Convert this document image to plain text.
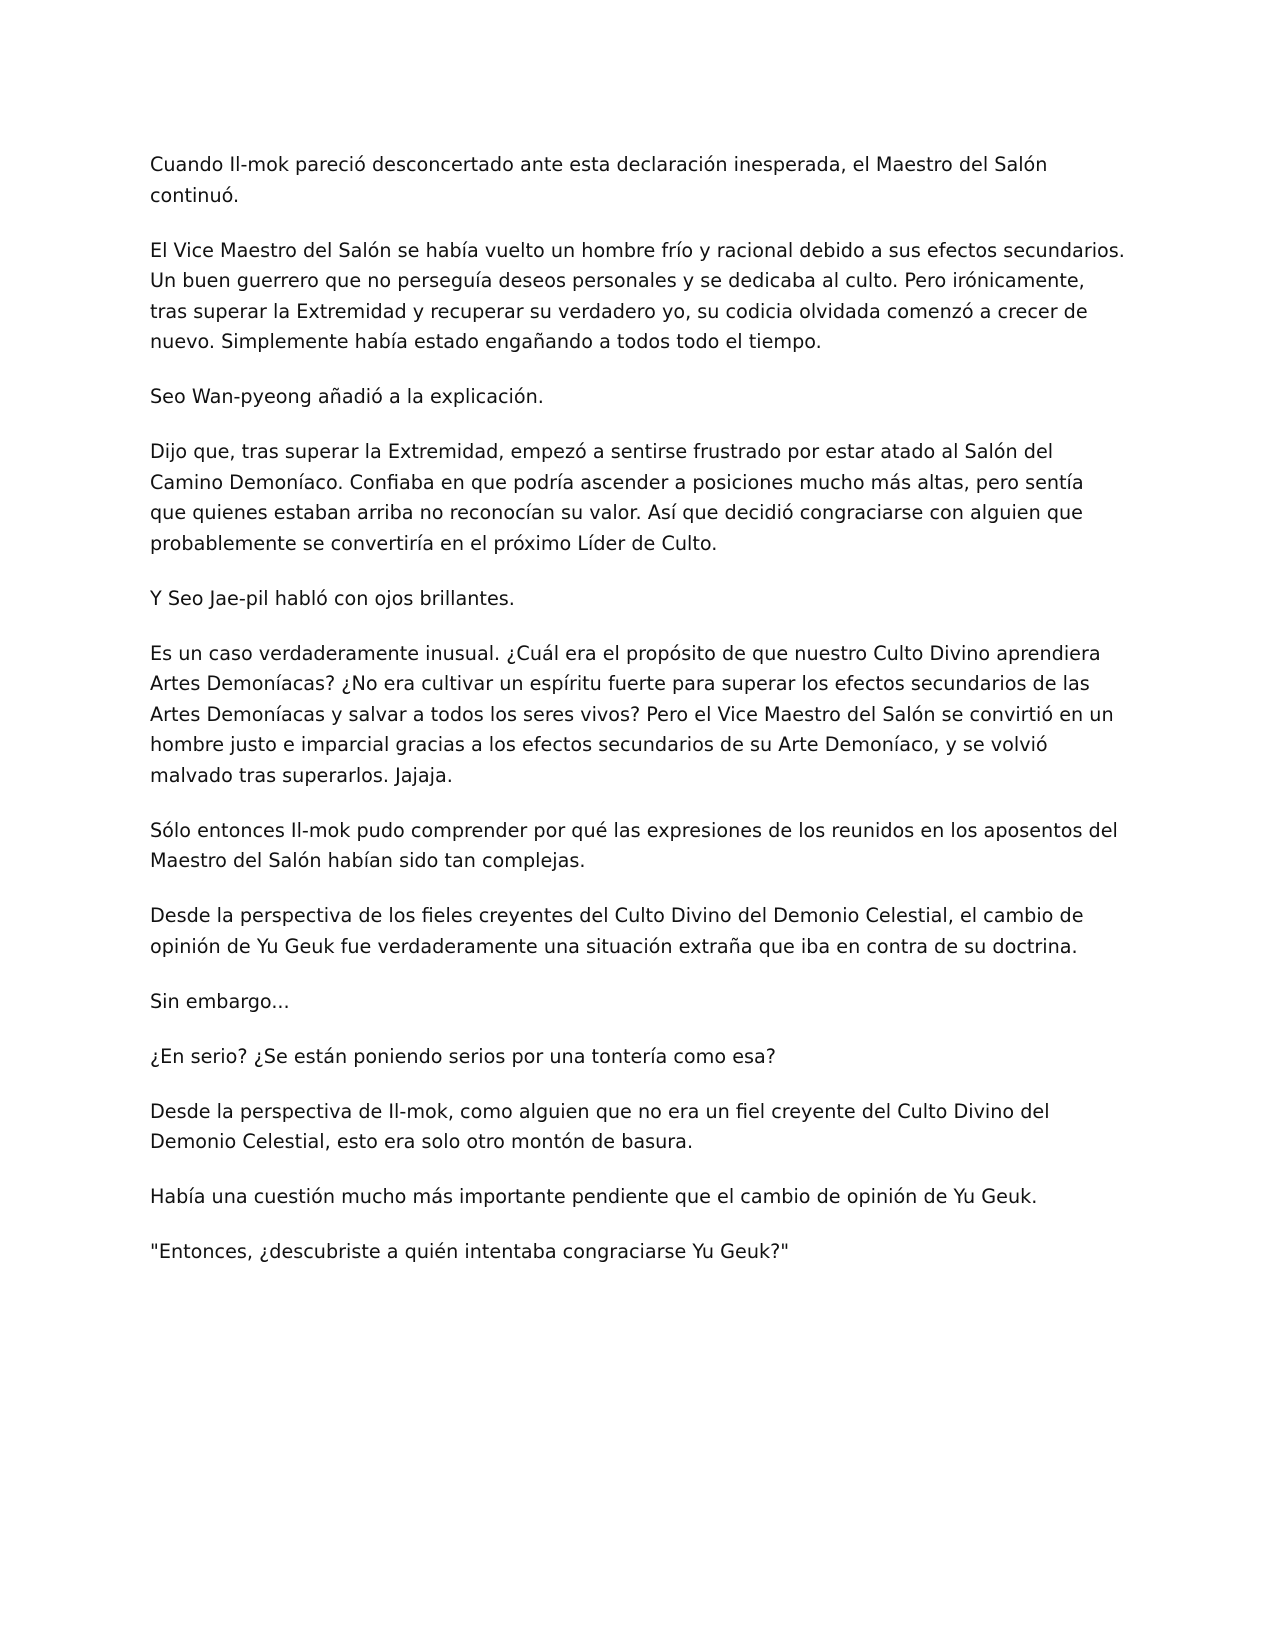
Cuando Il-mok pareció desconcertado ante esta declaración inesperada, el Maestro del Salón continuó.

El Vice Maestro del Salón se había vuelto un hombre frío y racional debido a sus efectos secundarios. Un buen guerrero que no perseguía deseos personales y se dedicaba al culto. Pero irónicamente, tras superar la Extremidad y recuperar su verdadero yo, su codicia olvidada comenzó a crecer de nuevo. Simplemente había estado engañando a todos todo el tiempo.

Seo Wan-pyeong añadió a la explicación.

Dijo que, tras superar la Extremidad, empezó a sentirse frustrado por estar atado al Salón del Camino Demoníaco. Confiaba en que podría ascender a posiciones mucho más altas, pero sentía que quienes estaban arriba no reconocían su valor. Así que decidió congraciarse con alguien que probablemente se convertiría en el próximo Líder de Culto.

Y Seo Jae-pil habló con ojos brillantes.

Es un caso verdaderamente inusual. ¿Cuál era el propósito de que nuestro Culto Divino aprendiera Artes Demoníacas? ¿No era cultivar un espíritu fuerte para superar los efectos secundarios de las Artes Demoníacas y salvar a todos los seres vivos? Pero el Vice Maestro del Salón se convirtió en un hombre justo e imparcial gracias a los efectos secundarios de su Arte Demoníaco, y se volvió malvado tras superarlos. Jajaja.

Sólo entonces Il-mok pudo comprender por qué las expresiones de los reunidos en los aposentos del Maestro del Salón habían sido tan complejas.

Desde la perspectiva de los fieles creyentes del Culto Divino del Demonio Celestial, el cambio de opinión de Yu Geuk fue verdaderamente una situación extraña que iba en contra de su doctrina.

Sin embargo...

¿En serio? ¿Se están poniendo serios por una tontería como esa?

Desde la perspectiva de Il-mok, como alguien que no era un fiel creyente del Culto Divino del Demonio Celestial, esto era solo otro montón de basura.

Había una cuestión mucho más importante pendiente que el cambio de opinión de Yu Geuk.

"Entonces, ¿descubriste a quién intentaba congraciarse Yu Geuk?"
